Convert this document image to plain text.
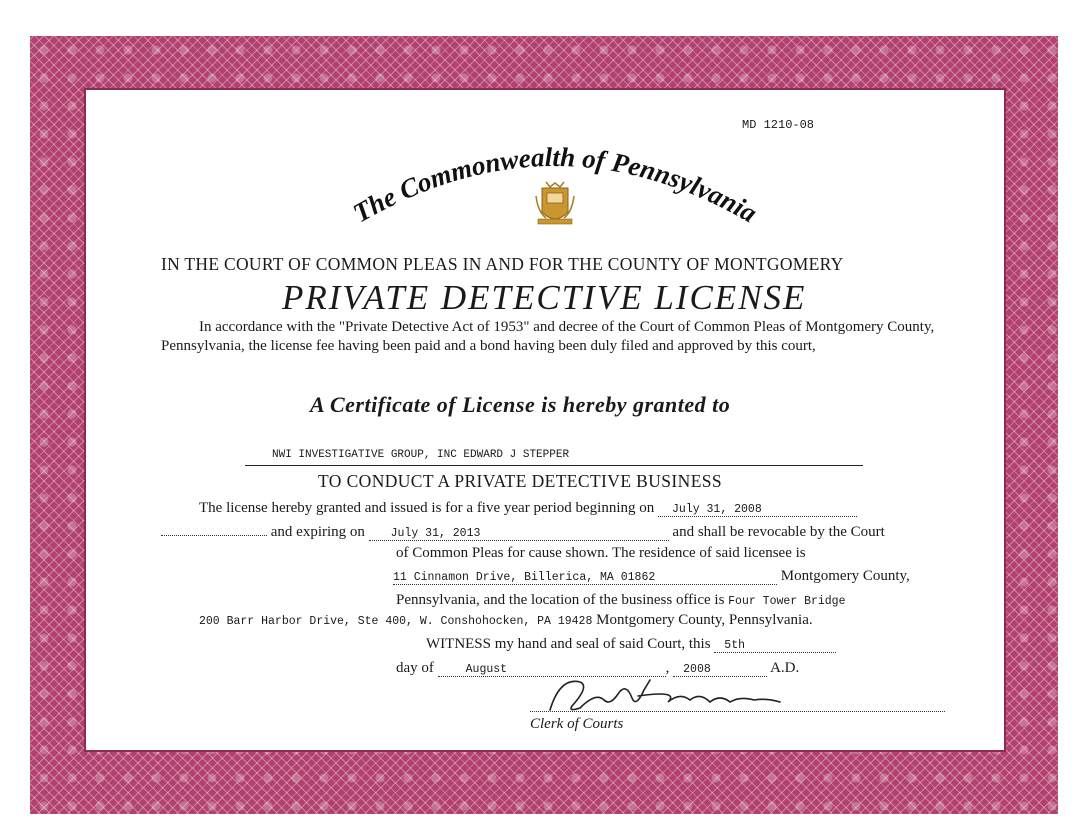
MD 1210-08
The Commonwealth of Pennsylvania
IN THE COURT OF COMMON PLEAS IN AND FOR THE COUNTY OF MONTGOMERY
PRIVATE DETECTIVE LICENSE
In accordance with the "Private Detective Act of 1953" and decree of the Court of Common Pleas of Montgomery County, Pennsylvania, the license fee having been paid and a bond having been duly filed and approved by this court,
A Certificate of License is hereby granted to
NWI INVESTIGATIVE GROUP, INC EDWARD J STEPPER
TO CONDUCT A PRIVATE DETECTIVE BUSINESS
The license hereby granted and issued is for a five year period beginning on July 31, 2008
and expiring on July 31, 2013	and shall be revocable by the Court
of Common Pleas for cause shown. The residence of said licensee is
11 Cinnamon Drive, Billerica, MA 01862	Montgomery County,
Pennsylvania, and the location of the business office is Four Tower Bridge
200 Barr Harbor Drive, Ste 400, W. Conshohocken, PA 19428 Montgomery County, Pennsylvania.
WITNESS my hand and seal of said Court, this 5th
day of	August	, 2008	A.D.
Clerk of Courts
